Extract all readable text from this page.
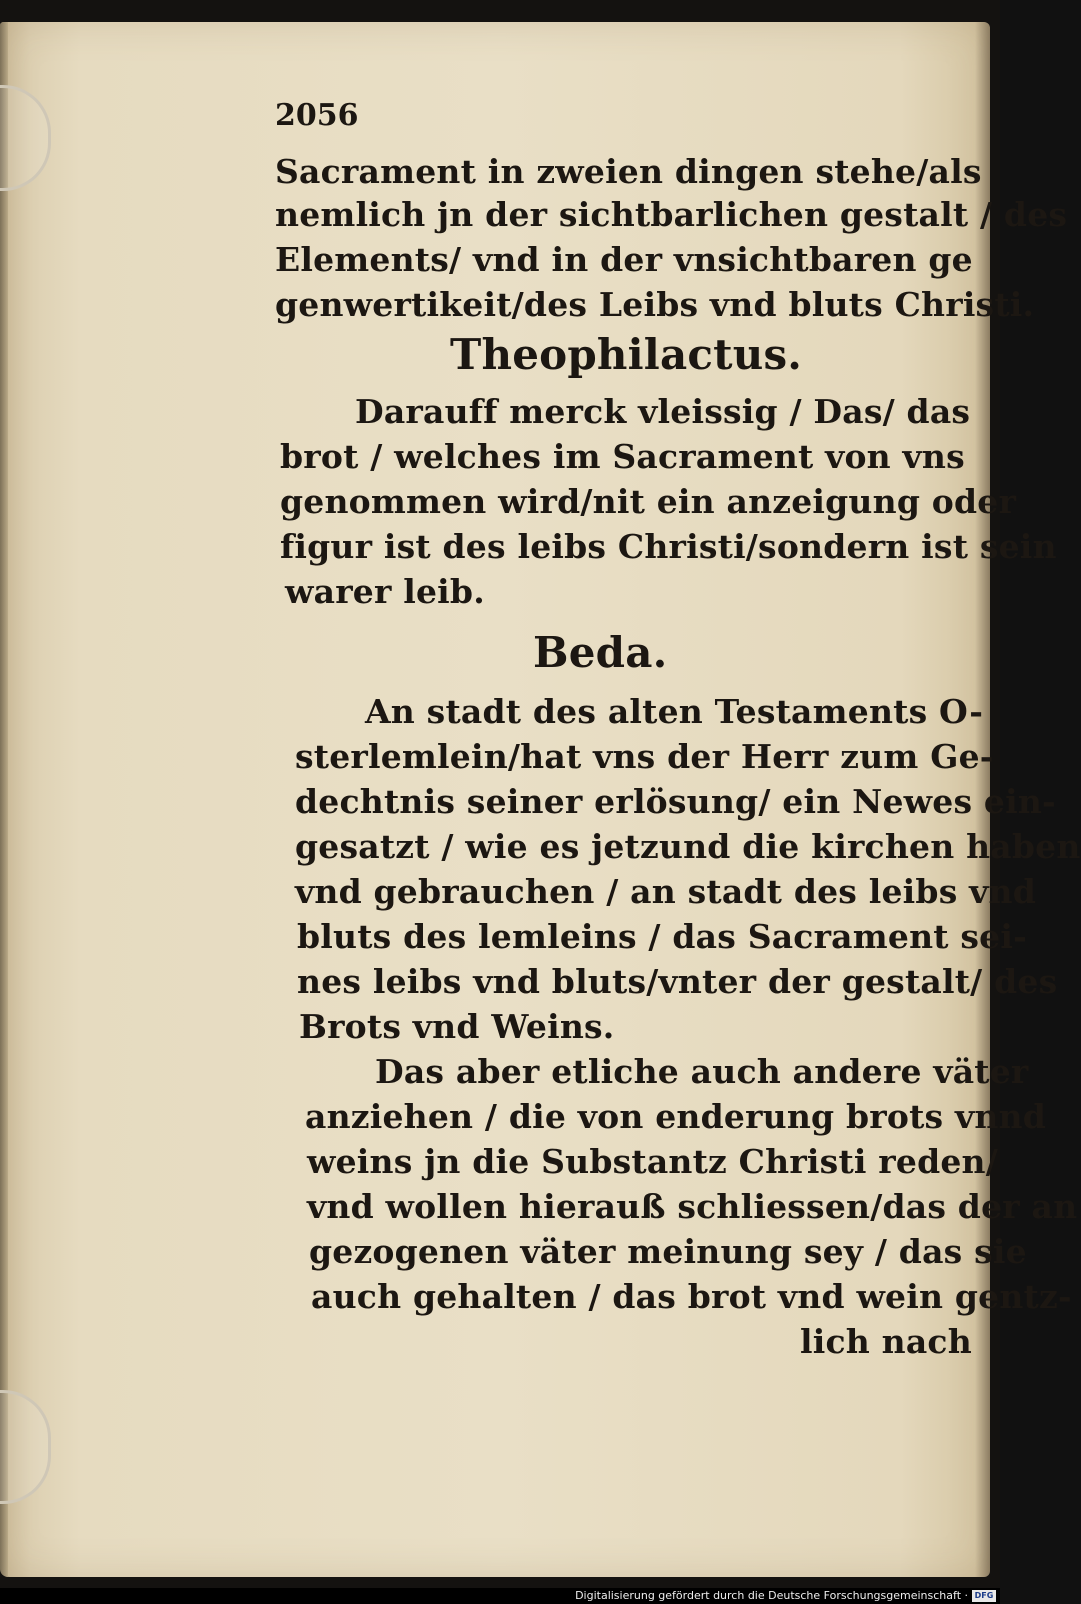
2056
Sacrament in zweien dingen stehe/als
nemlich jn der sichtbarlichen gestalt / des
Elements/ vnd in der vnsichtbaren ge
genwertikeit/des Leibs vnd bluts Christi.
Theophilactus.
Darauff merck vleissig / Das/ das
brot / welches im Sacrament von vns
genommen wird/nit ein anzeigung oder
figur ist des leibs Christi/sondern ist sein
warer leib.
Beda.
An stadt des alten Testaments O-
sterlemlein/hat vns der Herr zum Ge-
dechtnis seiner erlösung/ ein Newes ein-
gesatzt / wie es jetzund die kirchen haben
vnd gebrauchen / an stadt des leibs vnd
bluts des lemleins / das Sacrament sei-
nes leibs vnd bluts/vnter der gestalt/ des
Brots vnd Weins.
Das aber etliche auch andere väter
anziehen / die von enderung brots vnnd
weins jn die Substantz Christi reden/
vnd wollen hierauß schliessen/das der an
gezogenen väter meinung sey / das sie
auch gehalten / das brot vnd wein gentz-
lich nach
Digitalisierung gefördert durch die Deutsche Forschungsgemeinschaft · DFG
